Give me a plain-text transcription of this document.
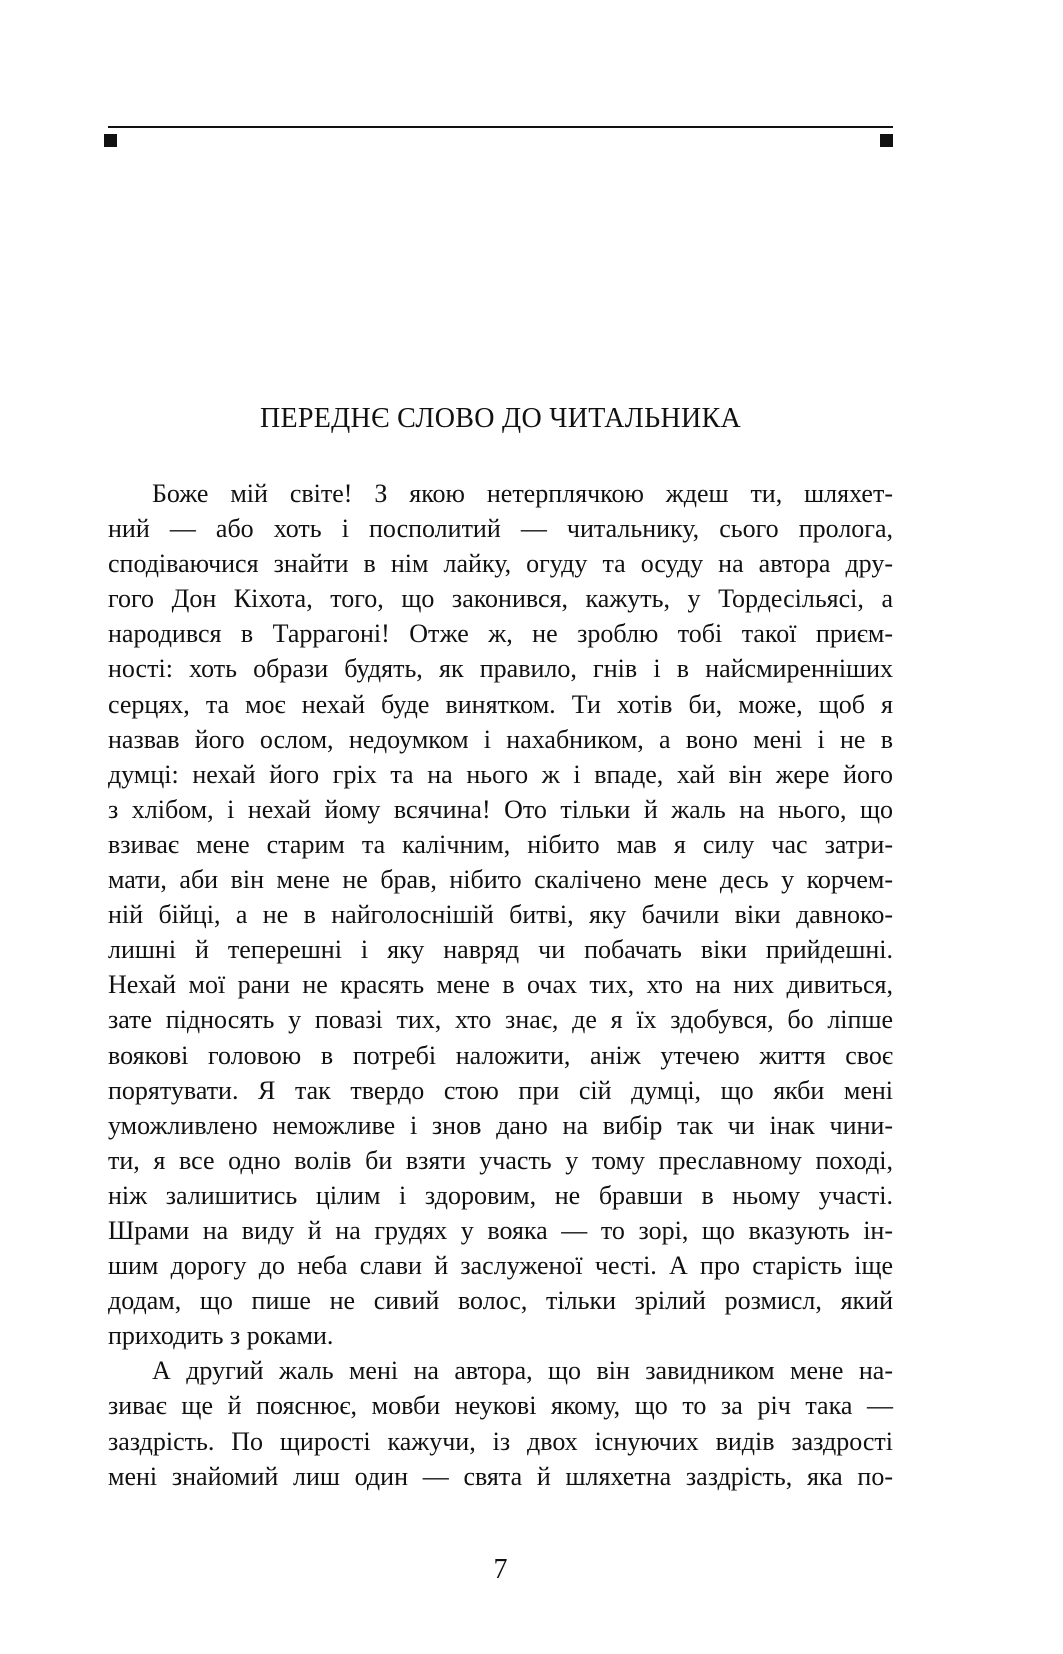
ПЕРЕДНЄ СЛОВО ДО ЧИТАЛЬНИКА

Боже мій світе! З якою нетерплячкою ждеш ти, шляхет-
ний — або хоть і посполитий — читальнику, сього пролога,
сподіваючися знайти в нім лайку, огуду та осуду на автора дру-
гого Дон Кіхота, того, що законився, кажуть, у Тордесільясі, а
народився в Таррагоні! Отже ж, не зроблю тобі такої приєм-
ності: хоть образи будять, як правило, гнів і в найсмиренніших
серцях, та моє нехай буде винятком. Ти хотів би, може, щоб я
назвав його ослом, недоумком і нахабником, а воно мені і не в
думці: нехай його гріх та на нього ж і впаде, хай він жере його
з хлібом, і нехай йому всячина! Ото тільки й жаль на нього, що
взиває мене старим та калічним, нібито мав я силу час затри-
мати, аби він мене не брав, нібито скалічено мене десь у корчем-
ній бійці, а не в найголоснішій битві, яку бачили віки давноко-
лишні й теперешні і яку навряд чи побачать віки прийдешні.
Нехай мої рани не красять мене в очах тих, хто на них дивиться,
зате підносять у повазі тих, хто знає, де я їх здобувся, бо ліпше
воякові головою в потребі наложити, аніж утечею життя своє
порятувати. Я так твердо стою при сій думці, що якби мені
уможливлено неможливе і знов дано на вибір так чи інак чини-
ти, я все одно волів би взяти участь у тому преславному поході,
ніж залишитись цілим і здоровим, не бравши в ньому участі.
Шрами на виду й на грудях у вояка — то зорі, що вказують ін-
шим дорогу до неба слави й заслуженої честі. А про старість іще
додам, що пише не сивий волос, тільки зрілий розмисл, який
приходить з роками.

А другий жаль мені на автора, що він завидником мене на-
зиває ще й пояснює, мовби неукові якому, що то за річ така —
заздрість. По щирості кажучи, із двох існуючих видів заздрості
мені знайомий лиш один — свята й шляхетна заздрість, яка по-

7
